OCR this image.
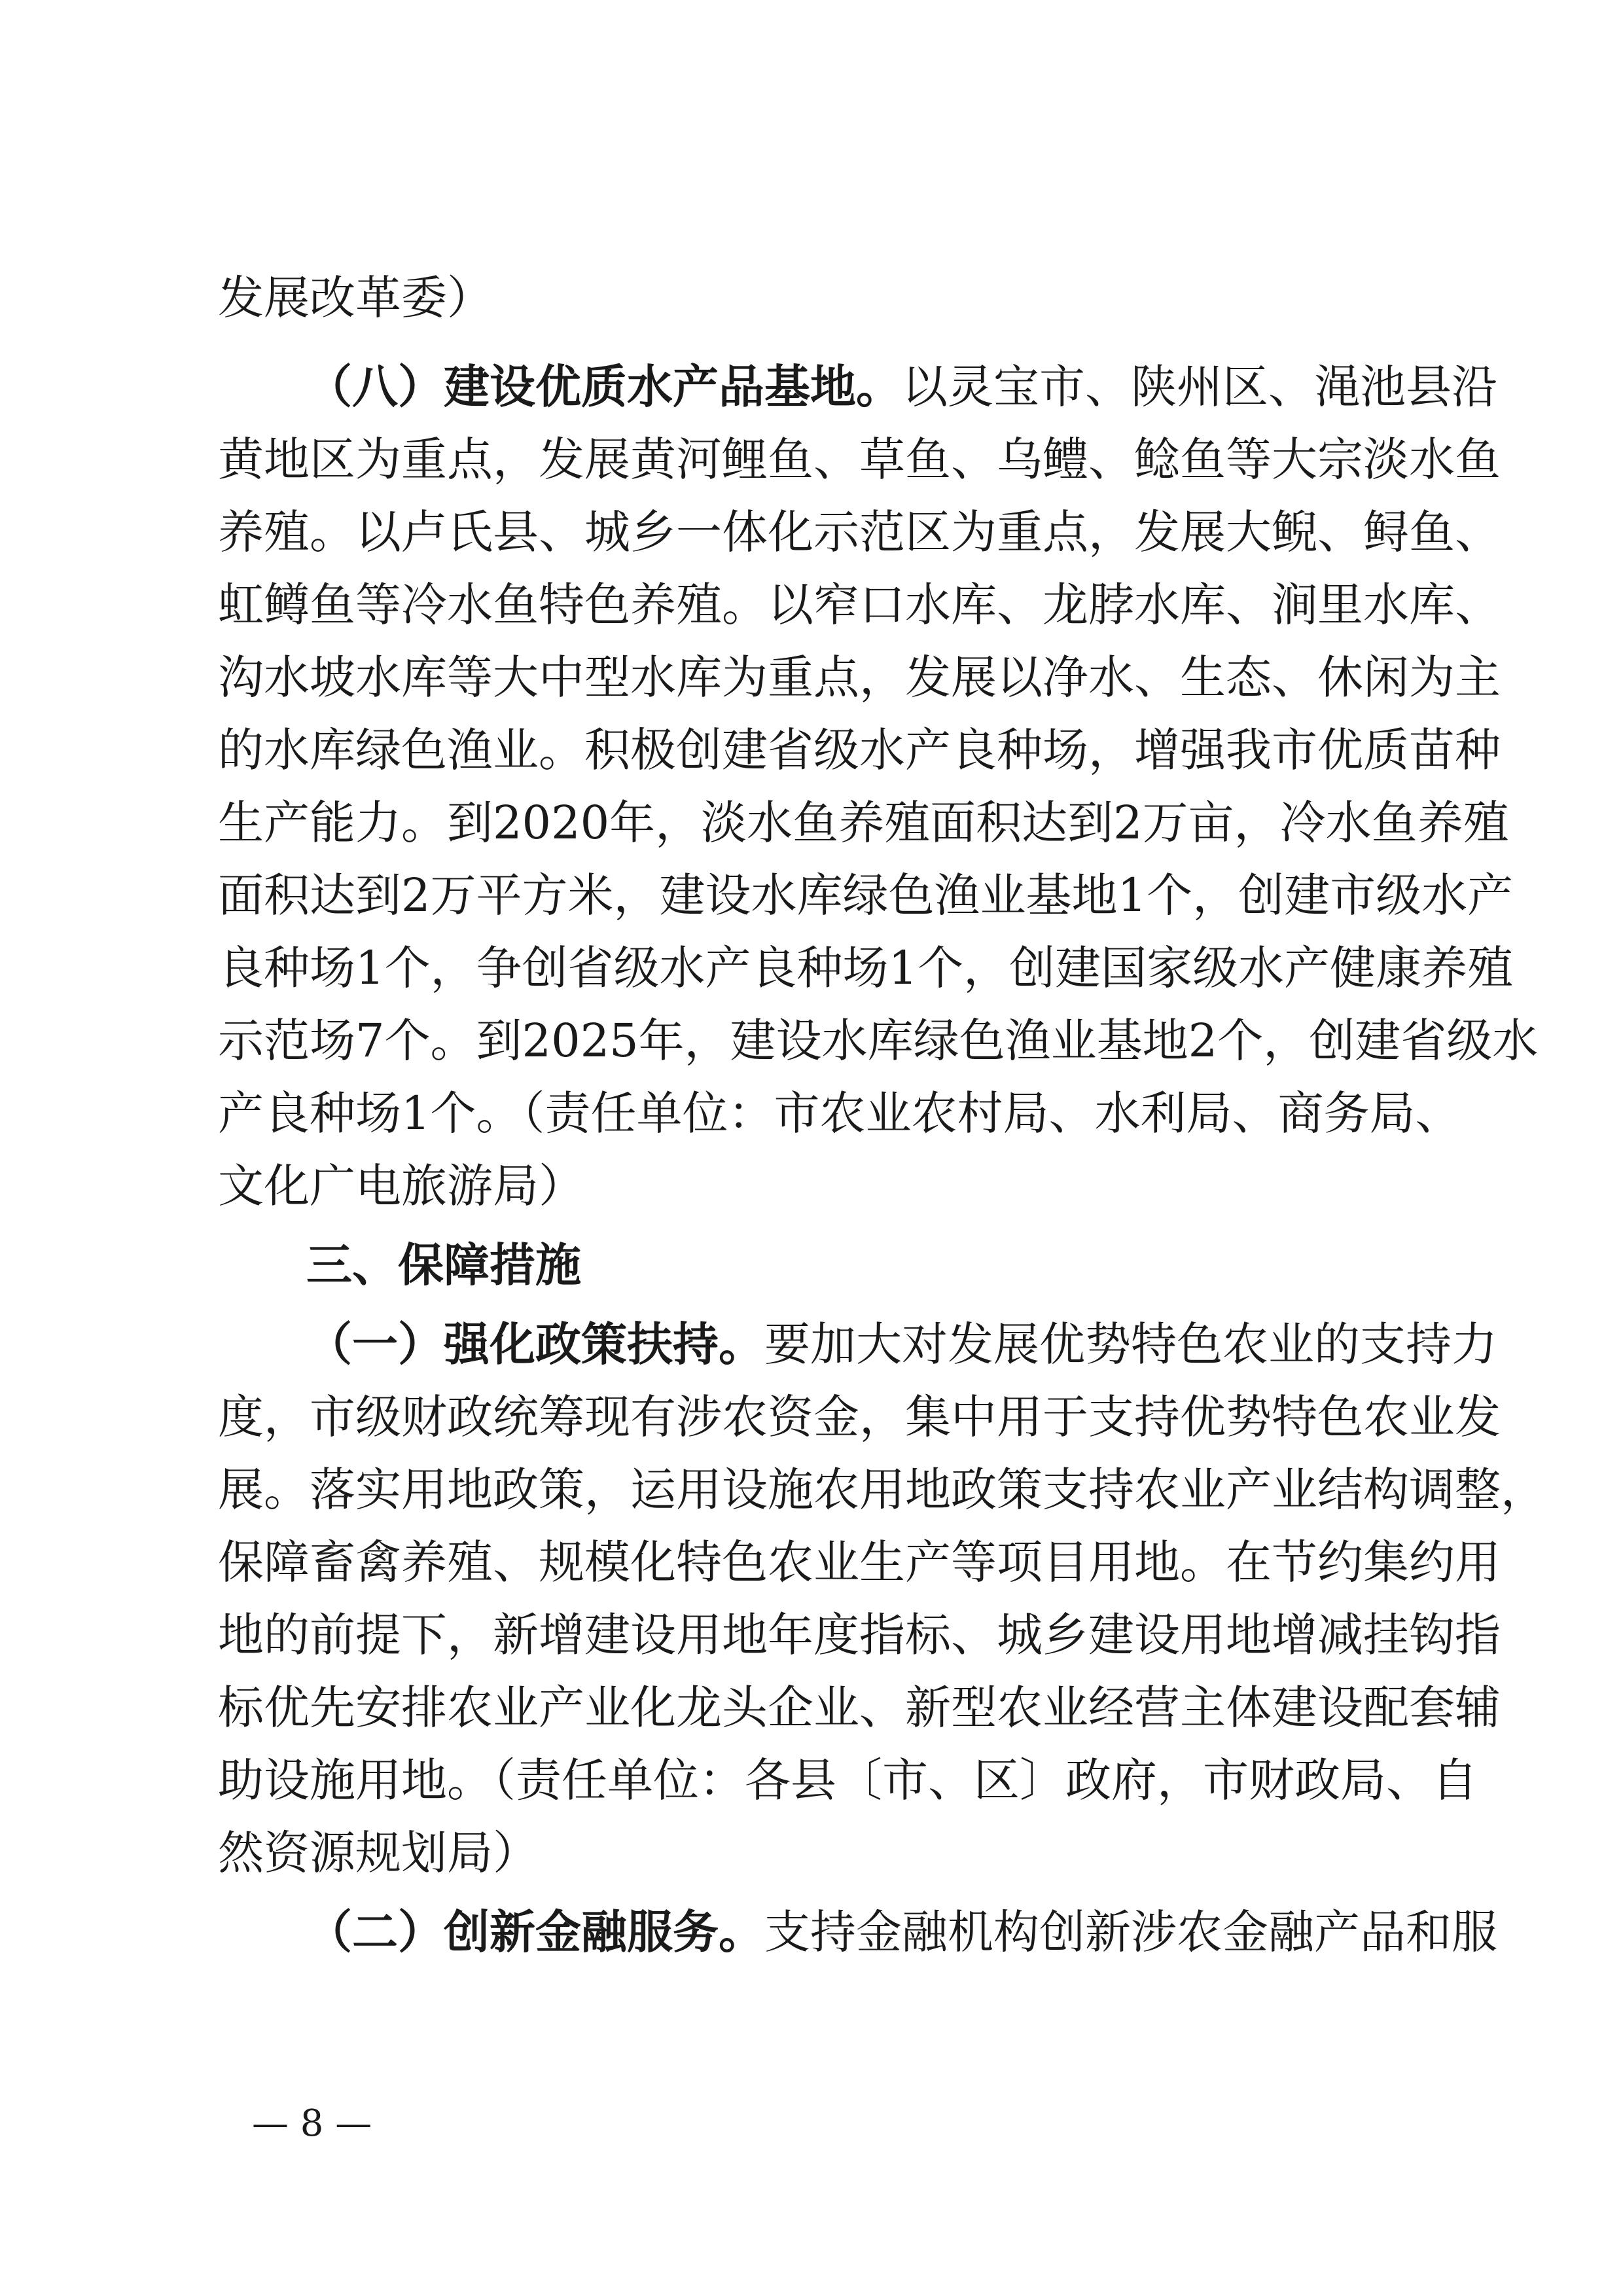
发展改革委）
（八）建设优质水产品基地。以灵宝市、陕州区、渑池县沿
黄地区为重点，发展黄河鲤鱼、草鱼、乌鳢、鲶鱼等大宗淡水鱼
养殖。以卢氏县、城乡一体化示范区为重点，发展大鲵、鲟鱼、
虹鳟鱼等冷水鱼特色养殖。以窄口水库、龙脖水库、涧里水库、
沟水坡水库等大中型水库为重点，发展以净水、生态、休闲为主
的水库绿色渔业。积极创建省级水产良种场，增强我市优质苗种
生产能力。到2020年，淡水鱼养殖面积达到2万亩，冷水鱼养殖
面积达到2万平方米，建设水库绿色渔业基地1个，创建市级水产
良种场1个，争创省级水产良种场1个，创建国家级水产健康养殖
示范场7个。到2025年，建设水库绿色渔业基地2个，创建省级水
产良种场1个。（责任单位：市农业农村局、水利局、商务局、
文化广电旅游局）
三、保障措施
（一）强化政策扶持。要加大对发展优势特色农业的支持力
度，市级财政统筹现有涉农资金，集中用于支持优势特色农业发
展。落实用地政策，运用设施农用地政策支持农业产业结构调整，
保障畜禽养殖、规模化特色农业生产等项目用地。在节约集约用
地的前提下，新增建设用地年度指标、城乡建设用地增减挂钩指
标优先安排农业产业化龙头企业、新型农业经营主体建设配套辅
助设施用地。（责任单位：各县〔市、区〕政府，市财政局、自
然资源规划局）
（二）创新金融服务。支持金融机构创新涉农金融产品和服
— 8 —
